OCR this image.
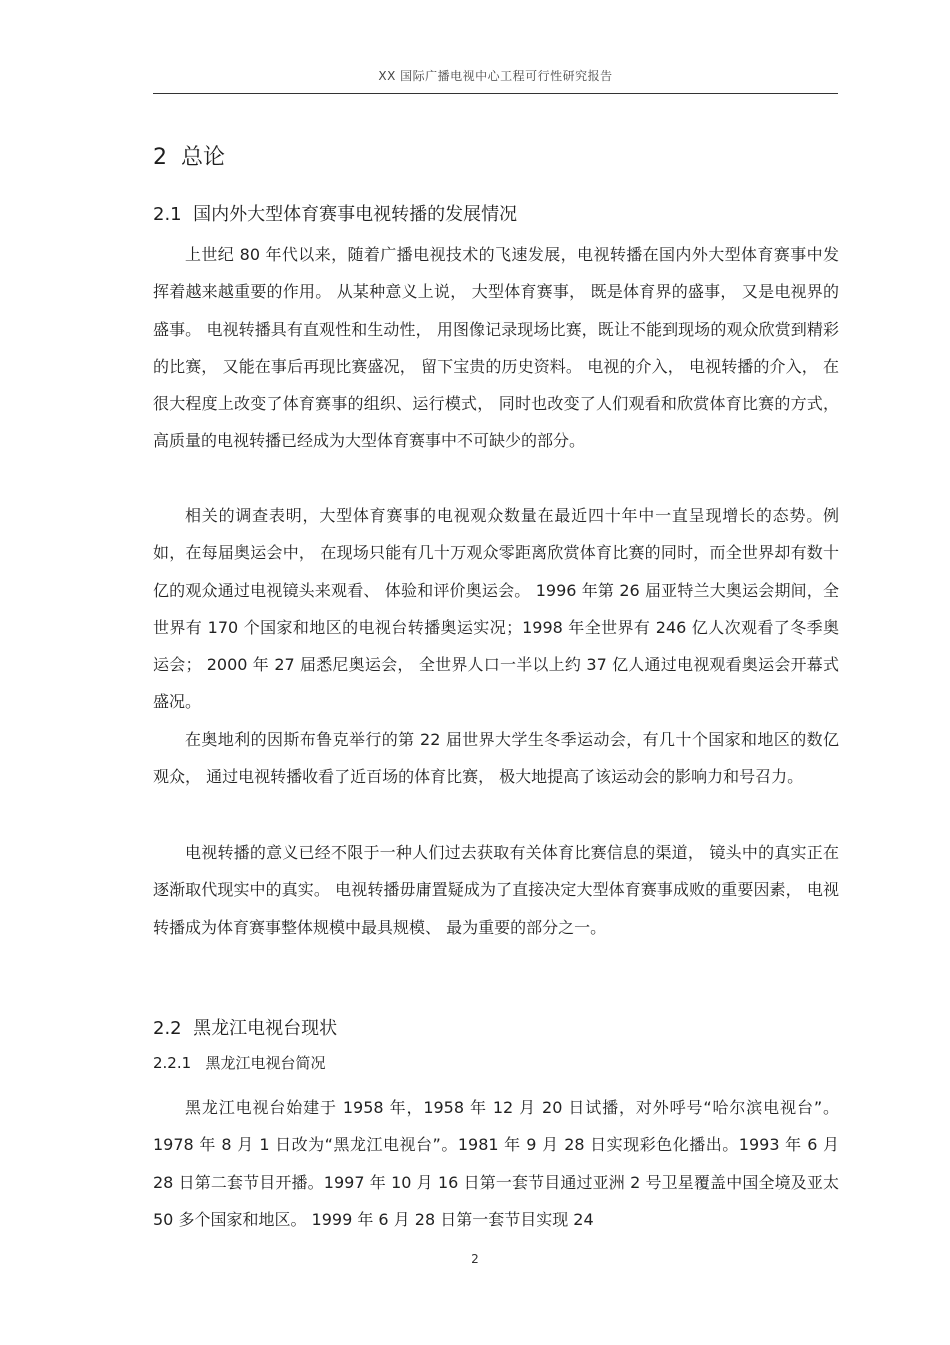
XX 国际广播电视中心工程可行性研究报告
2 总论
2.1 国内外大型体育赛事电视转播的发展情况

上世纪 80 年代以来，随着广播电视技术的飞速发展，电视转播在国内外大型体育赛事中发挥着越来越重要的作用。 从某种意义上说， 大型体育赛事， 既是体育界的盛事， 又是电视界的盛事。 电视转播具有直观性和生动性， 用图像记录现场比赛，既让不能到现场的观众欣赏到精彩的比赛， 又能在事后再现比赛盛况， 留下宝贵的历史资料。 电视的介入， 电视转播的介入， 在很大程度上改变了体育赛事的组织、运行模式， 同时也改变了人们观看和欣赏体育比赛的方式， 高质量的电视转播已经成为大型体育赛事中不可缺少的部分。

相关的调查表明，大型体育赛事的电视观众数量在最近四十年中一直呈现增长的态势。例如，在每届奥运会中， 在现场只能有几十万观众零距离欣赏体育比赛的同时，而全世界却有数十亿的观众通过电视镜头来观看、 体验和评价奥运会。 1996 年第 26 届亚特兰大奥运会期间，全世界有 170 个国家和地区的电视台转播奥运实况；1998 年全世界有 246 亿人次观看了冬季奥运会； 2000 年 27 届悉尼奥运会， 全世界人口一半以上约 37 亿人通过电视观看奥运会开幕式盛况。

在奥地利的因斯布鲁克举行的第 22 届世界大学生冬季运动会，有几十个国家和地区的数亿观众， 通过电视转播收看了近百场的体育比赛， 极大地提高了该运动会的影响力和号召力。

电视转播的意义已经不限于一种人们过去获取有关体育比赛信息的渠道， 镜头中的真实正在逐渐取代现实中的真实。 电视转播毋庸置疑成为了直接决定大型体育赛事成败的重要因素， 电视转播成为体育赛事整体规模中最具规模、 最为重要的部分之一。

2.2 黑龙江电视台现状
2.2.1 黑龙江电视台简况

黑龙江电视台始建于 1958 年，1958 年 12 月 20 日试播，对外呼号“哈尔滨电视台”。1978 年 8 月 1 日改为“黑龙江电视台”。1981 年 9 月 28 日实现彩色化播出。1993 年 6 月 28 日第二套节目开播。1997 年 10 月 16 日第一套节目通过亚洲 2 号卫星覆盖中国全境及亚太 50 多个国家和地区。 1999 年 6 月 28 日第一套节目实现 24

2
